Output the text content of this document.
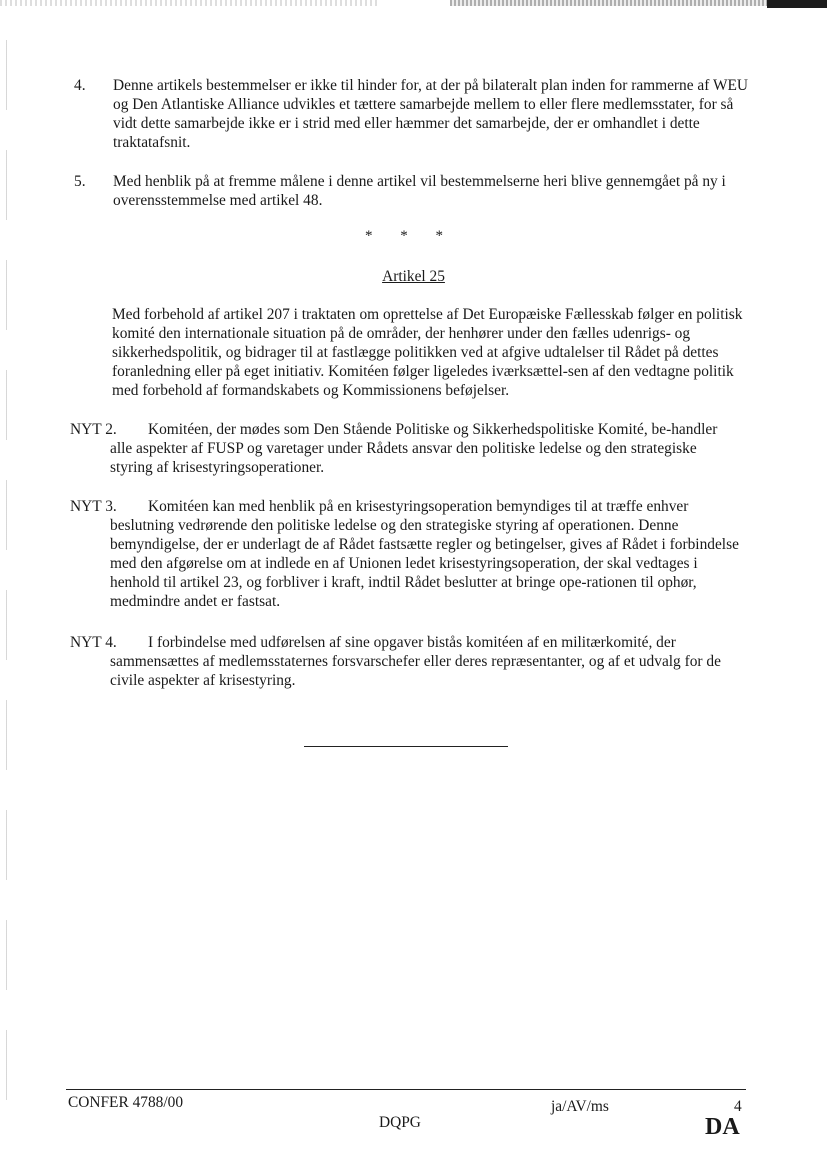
4. Denne artikels bestemmelser er ikke til hinder for, at der på bilateralt plan inden for rammerne af WEU og Den Atlantiske Alliance udvikles et tættere samarbejde mellem to eller flere medlemsstater, for så vidt dette samarbejde ikke er i strid med eller hæmmer det samarbejde, der er omhandlet i dette traktatafsnit.

5. Med henblik på at fremme målene i denne artikel vil bestemmelserne heri blive gennemgået på ny i overensstemmelse med artikel 48.

* * *
Artikel 25

Med forbehold af artikel 207 i traktaten om oprettelse af Det Europæiske Fællesskab følger en politisk komité den internationale situation på de områder, der henhører under den fælles udenrigs- og sikkerhedspolitik, og bidrager til at fastlægge politikken ved at afgive udtalelser til Rådet på dettes foranledning eller på eget initiativ. Komitéen følger ligeledes iværksættel-sen af den vedtagne politik med forbehold af formandskabets og Kommissionens beføjelser.

NYT 2.	Komitéen, der mødes som Den Stående Politiske og Sikkerhedspolitiske Komité, be-handler alle aspekter af FUSP og varetager under Rådets ansvar den politiske ledelse og den strategiske styring af krisestyringsoperationer.

NYT 3.	Komitéen kan med henblik på en krisestyringsoperation bemyndiges til at træffe enhver beslutning vedrørende den politiske ledelse og den strategiske styring af operationen. Denne bemyndigelse, der er underlagt de af Rådet fastsætte regler og betingelser, gives af Rådet i forbindelse med den afgørelse om at indlede en af Unionen ledet krisestyringsoperation, der skal vedtages i henhold til artikel 23, og forbliver i kraft, indtil Rådet beslutter at bringe ope-rationen til ophør, medmindre andet er fastsat.

NYT 4.	I forbindelse med udførelsen af sine opgaver bistås komitéen af en militærkomité, der sammensættes af medlemsstaternes forsvarschefer eller deres repræsentanter, og af et udvalg for de civile aspekter af krisestyring.

CONFER 4788/00	ja/AV/ms	4
DQPG	DA
